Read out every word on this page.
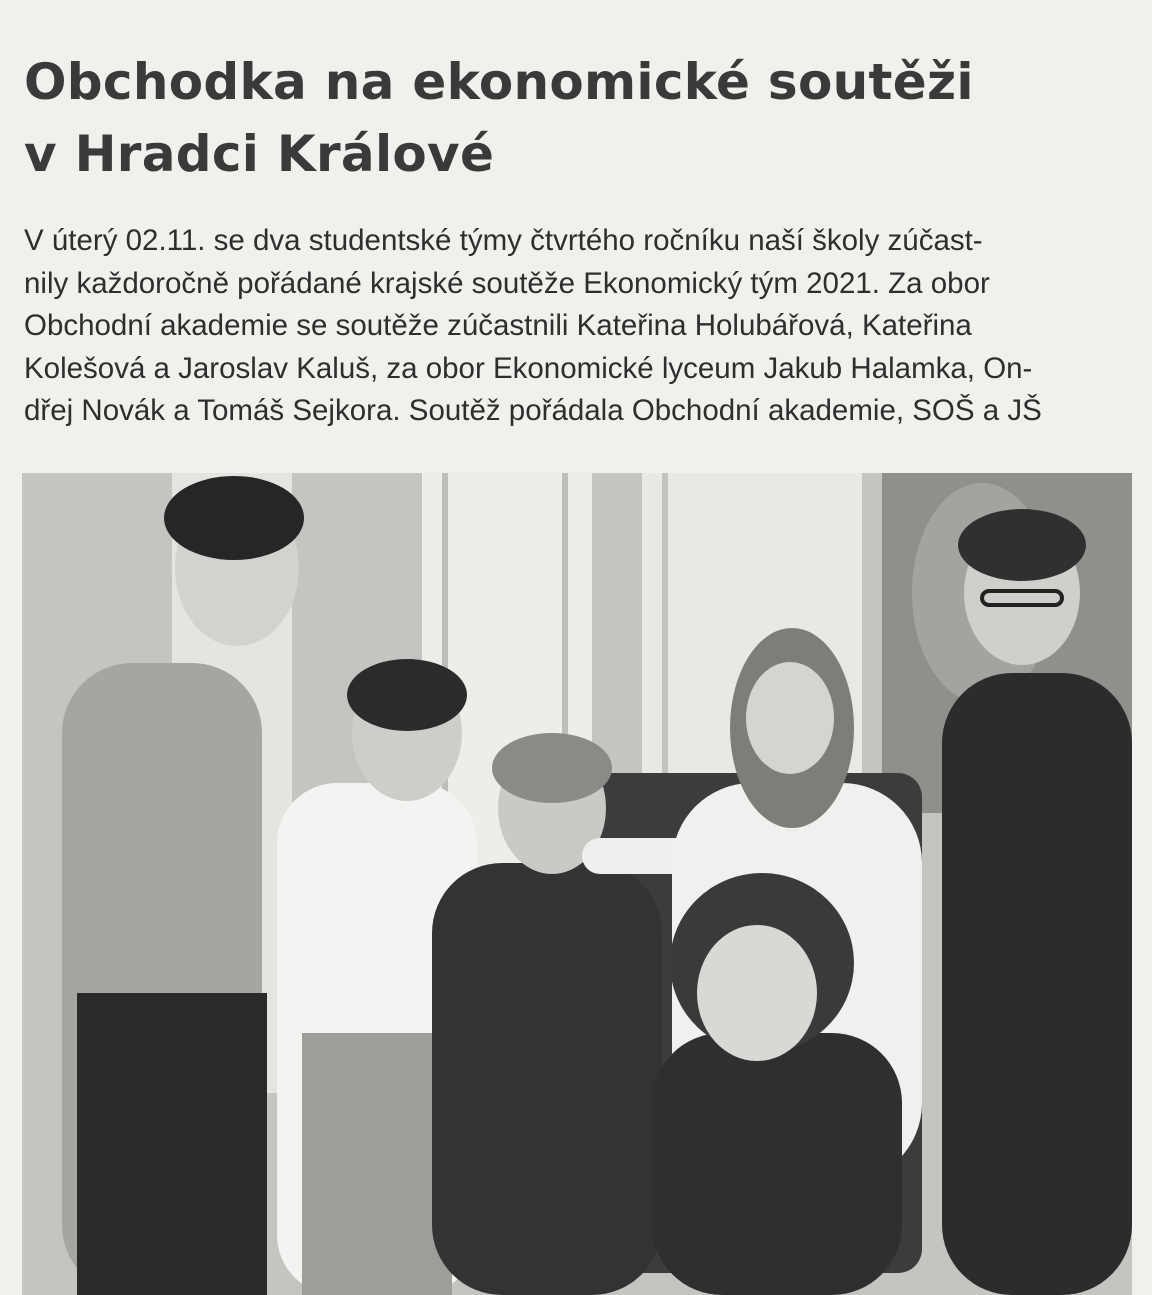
Obchodka na ekonomické soutěži
v Hradci Králové

V úterý 02.11. se dva studentské týmy čtvrtého ročníku naší školy zúčast-
nily každoročně pořádané krajské soutěže Ekonomický tým 2021. Za obor
Obchodní akademie se soutěže zúčastnili Kateřina Holubářová, Kateřina
Kolešová a Jaroslav Kaluš, za obor Ekonomické lyceum Jakub Halamka, On-
dřej Novák a Tomáš Sejkora. Soutěž pořádala Obchodní akademie, SOŠ a JŠ
